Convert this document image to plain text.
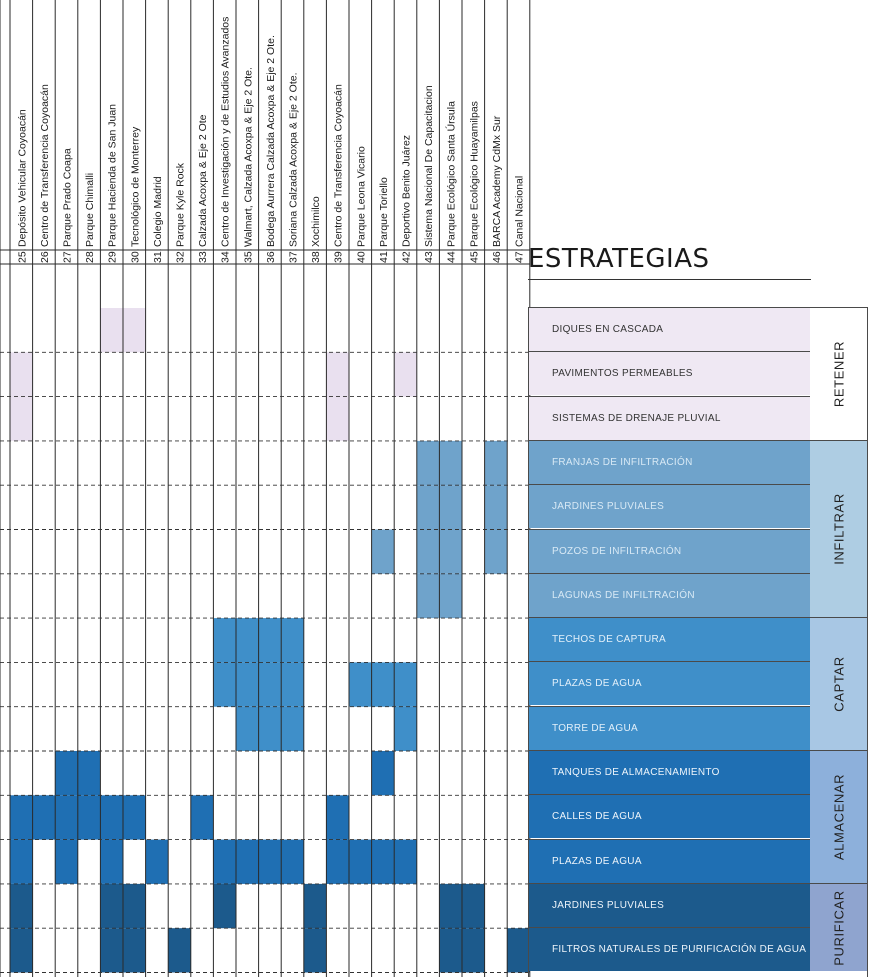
25.
Depósito Vehicular Coyoacán
26.
Centro de Transferencia Coyoacán
27.
Parque Prado Coapa
28.
Parque Chimalli
29.
Parque Hacienda de San Juan
30.
Tecnológico de Monterrey
31.
Colegio Madrid
32.
Parque Kyle Rock
33.
Calzada Acoxpa & Eje 2 Ote
34.
Centro de Investigación y de Estudios Avanzados
35.
Walmart, Calzada Acoxpa & Eje 2 Ote.
36.
Bodega Aurrera Calzada Acoxpa & Eje 2 Ote.
37.
Soriana Calzada Acoxpa & Eje 2 Ote.
38.
Xochimilco
39.
Centro de Transferencia Coyoacán
40.
Parque Leona Vicario
41.
Parque Toriello
42.
Deportivo Benito Juárez
43.
Sistema Nacional De Capacitacion
44.
Parque Ecológico Santa Úrsula
45.
Parque Ecológico Huayamilpas
46.
BARCA Academy CdMx Sur
47.
Canal Nacional
ESTRATEGIAS
DIQUES EN CASCADA
PAVIMENTOS PERMEABLES
SISTEMAS DE DRENAJE PLUVIAL
RETENER
FRANJAS DE INFILTRACIÓN
JARDINES PLUVIALES
POZOS DE INFILTRACIÓN
LAGUNAS DE INFILTRACIÓN
INFILTRAR
TECHOS DE CAPTURA
PLAZAS DE AGUA
TORRE DE AGUA
CAPTAR
TANQUES DE ALMACENAMIENTO
CALLES DE AGUA
PLAZAS DE AGUA
ALMACENAR
JARDINES PLUVIALES
FILTROS NATURALES DE PURIFICACIÓN DE AGUA PURIFICAR
